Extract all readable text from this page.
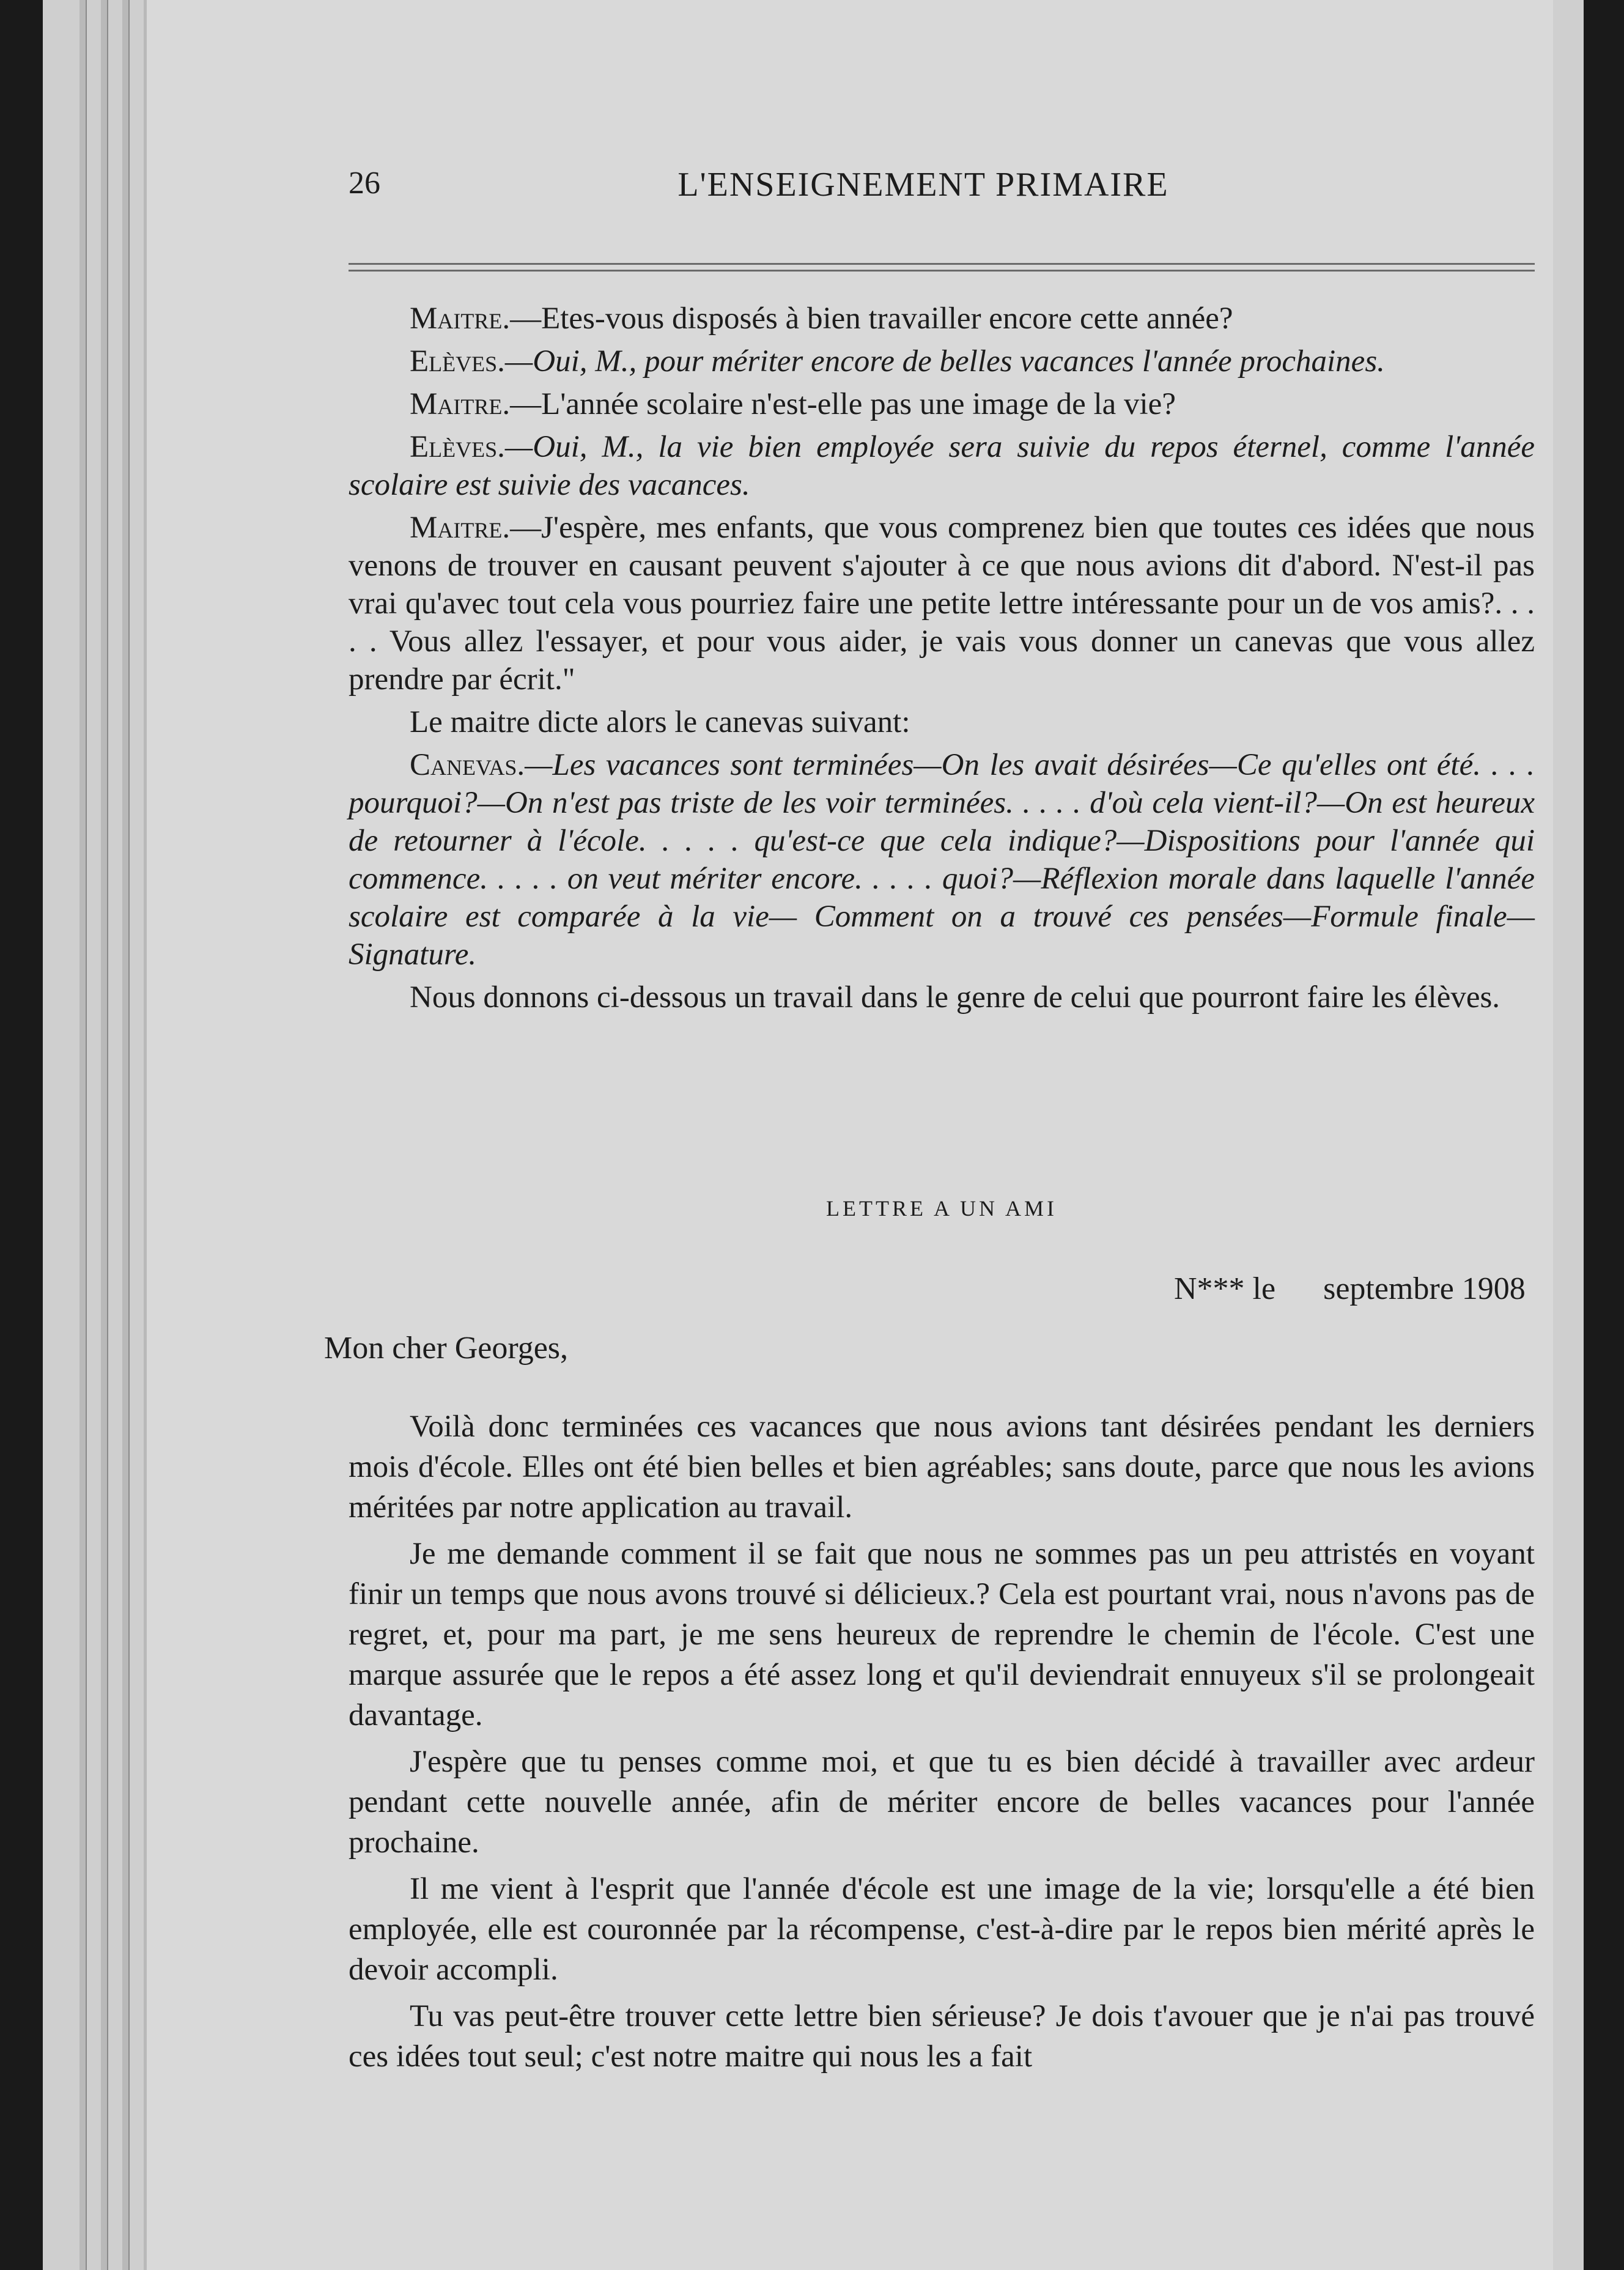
26	L'ENSEIGNEMENT PRIMAIRE

Maitre.—Etes-vous disposés à bien travailler encore cette année?

Elèves.—Oui, M., pour mériter encore de belles vacances l'année prochaines.

Maitre.—L'année scolaire n'est-elle pas une image de la vie?

Elèves.—Oui, M., la vie bien employée sera suivie du repos éternel, comme l'année scolaire est suivie des vacances.

Maitre.—J'espère, mes enfants, que vous comprenez bien que toutes ces idées que nous venons de trouver en causant peuvent s'ajouter à ce que nous avions dit d'abord. N'est-il pas vrai qu'avec tout cela vous pourriez faire une petite lettre intéressante pour un de vos amis?. . . . . Vous allez l'essayer, et pour vous aider, je vais vous donner un canevas que vous allez prendre par écrit."

Le maitre dicte alors le canevas suivant:

Canevas.—Les vacances sont terminées—On les avait désirées—Ce qu'elles ont été. . . . pourquoi?—On n'est pas triste de les voir terminées. . . . . d'où cela vient-il?—On est heureux de retourner à l'école. . . . . qu'est-ce que cela indique?—Dispositions pour l'année qui commence. . . . . on veut mériter encore. . . . . quoi?—Réflexion morale dans laquelle l'année scolaire est comparée à la vie— Comment on a trouvé ces pensées—Formule finale—Signature.

Nous donnons ci-dessous un travail dans le genre de celui que pourront faire les élèves.

LETTRE A UN AMI
N*** le      septembre 1908
Mon cher Georges,

Voilà donc terminées ces vacances que nous avions tant désirées pendant les derniers mois d'école. Elles ont été bien belles et bien agréables; sans doute, parce que nous les avions méritées par notre application au travail.

Je me demande comment il se fait que nous ne sommes pas un peu attristés en voyant finir un temps que nous avons trouvé si délicieux.? Cela est pourtant vrai, nous n'avons pas de regret, et, pour ma part, je me sens heureux de reprendre le chemin de l'école. C'est une marque assurée que le repos a été assez long et qu'il deviendrait ennuyeux s'il se prolongeait davantage.

J'espère que tu penses comme moi, et que tu es bien décidé à travailler avec ardeur pendant cette nouvelle année, afin de mériter encore de belles vacances pour l'année prochaine.

Il me vient à l'esprit que l'année d'école est une image de la vie; lorsqu'elle a été bien employée, elle est couronnée par la récompense, c'est-à-dire par le repos bien mérité après le devoir accompli.

Tu vas peut-être trouver cette lettre bien sérieuse? Je dois t'avouer que je n'ai pas trouvé ces idées tout seul; c'est notre maitre qui nous les a fait
